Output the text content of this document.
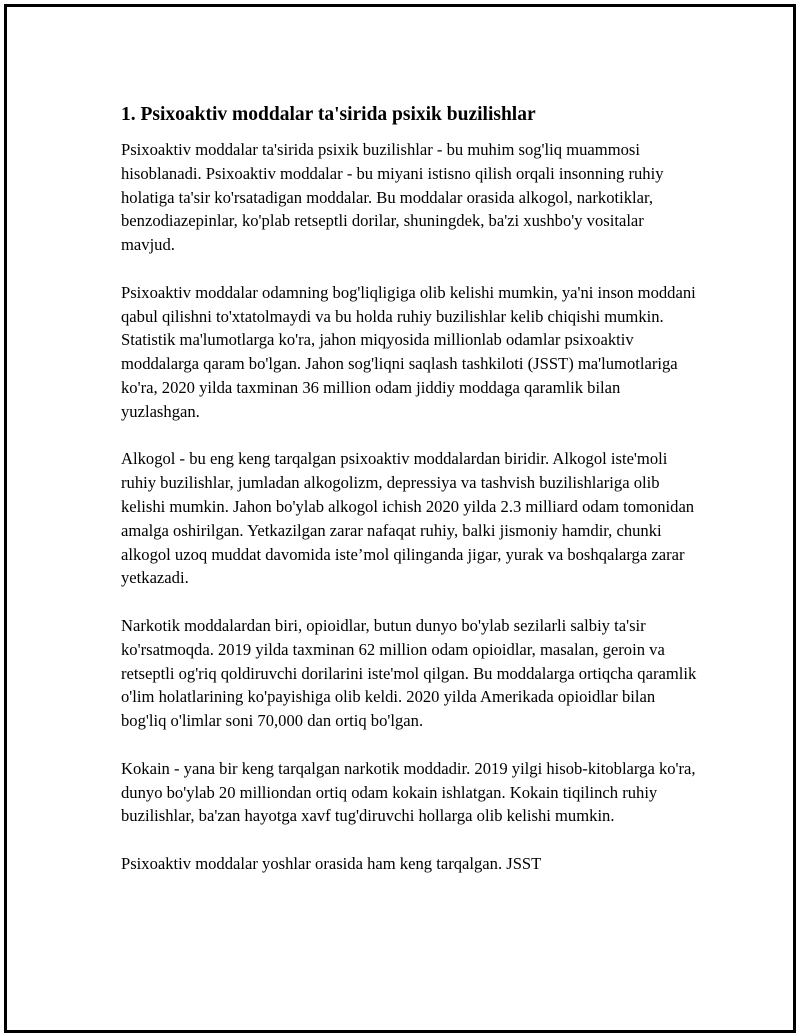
1. Psixoaktiv moddalar ta'sirida psixik buzilishlar

Psixoaktiv moddalar ta'sirida psixik buzilishlar - bu muhim sog'liq muammosi hisoblanadi. Psixoaktiv moddalar - bu miyani istisno qilish orqali insonning ruhiy holatiga ta'sir ko'rsatadigan moddalar. Bu moddalar orasida alkogol, narkotiklar, benzodiazepinlar, ko'plab retseptli dorilar, shuningdek, ba'zi xushbo'y vositalar mavjud.

Psixoaktiv moddalar odamning bog'liqligiga olib kelishi mumkin, ya'ni inson moddani qabul qilishni to'xtatolmaydi va bu holda ruhiy buzilishlar kelib chiqishi mumkin. Statistik ma'lumotlarga ko'ra, jahon miqyosida millionlab odamlar psixoaktiv moddalarga qaram bo'lgan. Jahon sog'liqni saqlash tashkiloti (JSST) ma'lumotlariga ko'ra, 2020 yilda taxminan 36 million odam jiddiy moddaga qaramlik bilan yuzlashgan.

Alkogol - bu eng keng tarqalgan psixoaktiv moddalardan biridir. Alkogol iste'moli ruhiy buzilishlar, jumladan alkogolizm, depressiya va tashvish buzilishlariga olib kelishi mumkin. Jahon bo'ylab alkogol ichish 2020 yilda 2.3 milliard odam tomonidan amalga oshirilgan. Yetkazilgan zarar nafaqat ruhiy, balki jismoniy hamdir, chunki alkogol uzoq muddat davomida iste’mol qilinganda jigar, yurak va boshqalarga zarar yetkazadi.

Narkotik moddalardan biri, opioidlar, butun dunyo bo'ylab sezilarli salbiy ta'sir ko'rsatmoqda. 2019 yilda taxminan 62 million odam opioidlar, masalan, geroin va retseptli og'riq qoldiruvchi dorilarini iste'mol qilgan. Bu moddalarga ortiqcha qaramlik o'lim holatlarining ko'payishiga olib keldi. 2020 yilda Amerikada opioidlar bilan bog'liq o'limlar soni 70,000 dan ortiq bo'lgan.

Kokain - yana bir keng tarqalgan narkotik moddadir. 2019 yilgi hisob-kitoblarga ko'ra, dunyo bo'ylab 20 milliondan ortiq odam kokain ishlatgan. Kokain tiqilinch ruhiy buzilishlar, ba'zan hayotga xavf tug'diruvchi hollarga olib kelishi mumkin.

Psixoaktiv moddalar yoshlar orasida ham keng tarqalgan. JSST
